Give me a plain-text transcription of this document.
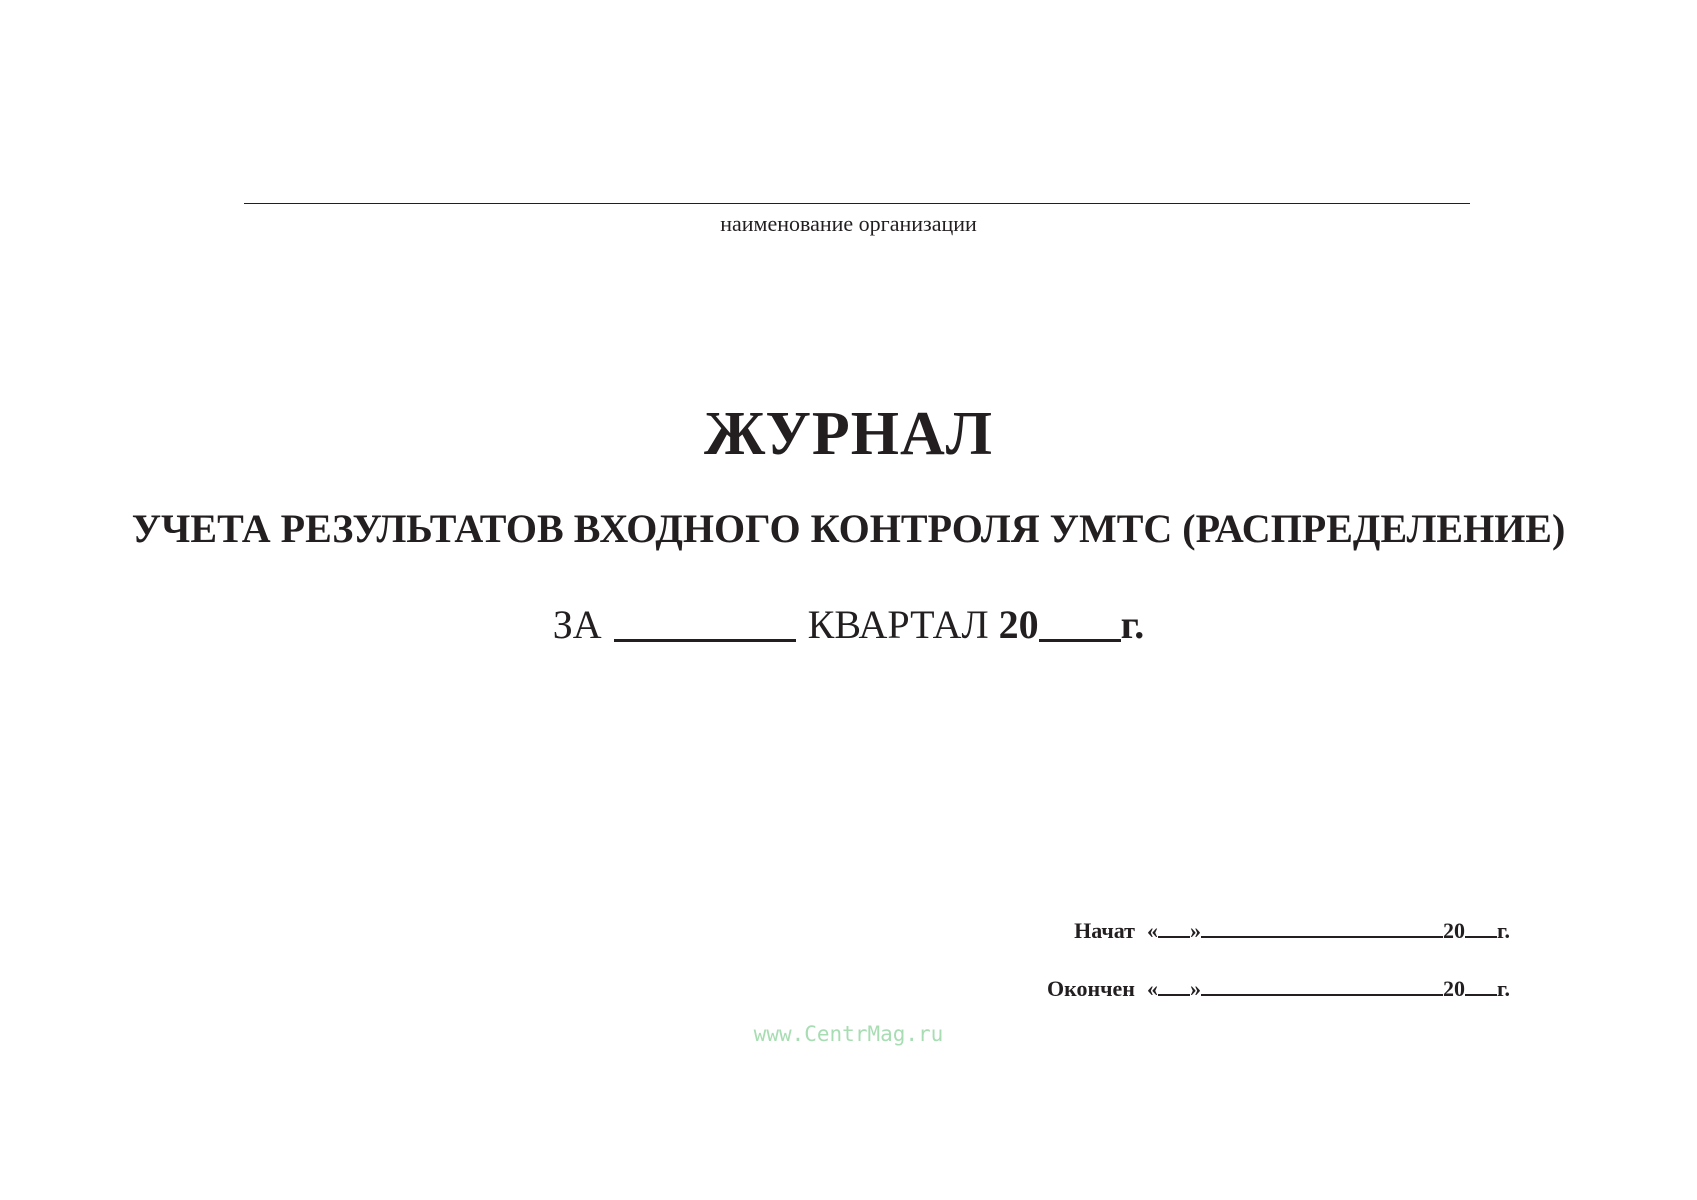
наименование организации
ЖУРНАЛ
УЧЕТА РЕЗУЛЬТАТОВ ВХОДНОГО КОНТРОЛЯ УМТС (РАСПРЕДЕЛЕНИЕ)
ЗА	КВАРТАЛ 20 г.
Начат « »	20 г.
Окончен « »	20 г.
www.CentrMag.ru
